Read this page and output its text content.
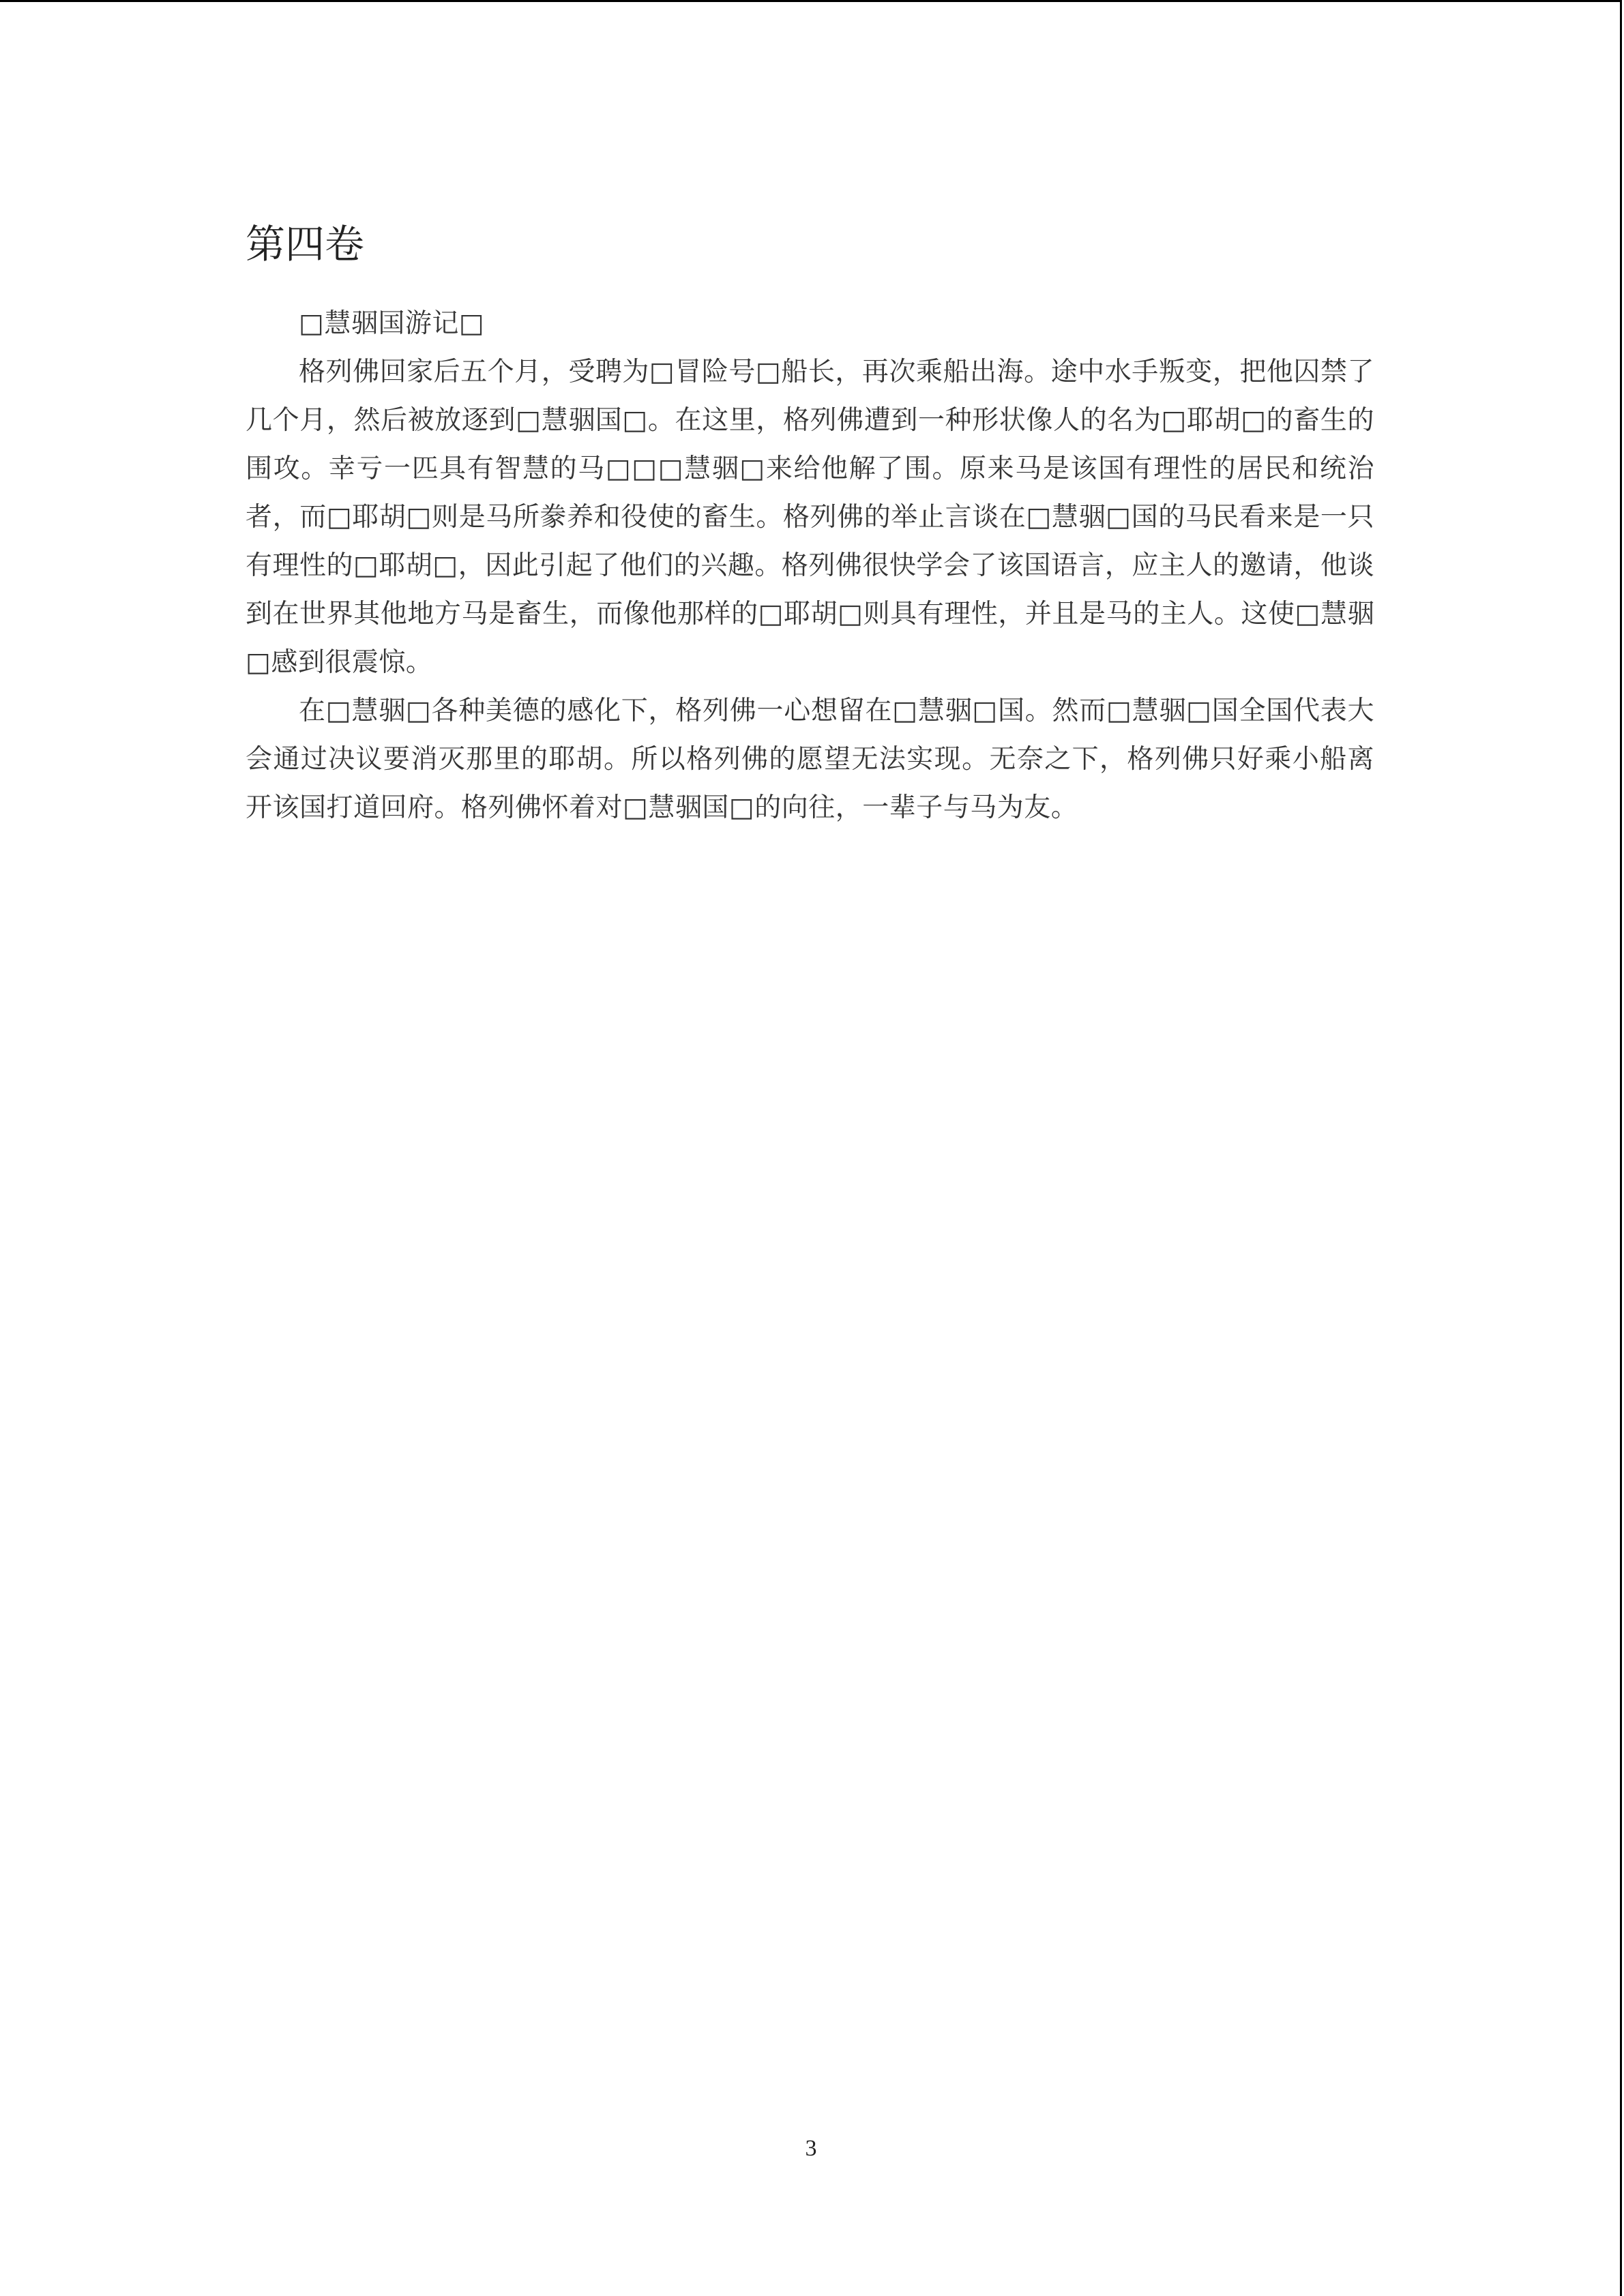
第四卷

□慧骃国游记□

格列佛回家后五个月，受聘为□冒险号□船长，再次乘船出海。途中水手叛变，把他囚禁了几个月，然后被放逐到□慧骃国□。在这里，格列佛遭到一种形状像人的名为□耶胡□的畜生的围攻。幸亏一匹具有智慧的马□□□慧骃□来给他解了围。原来马是该国有理性的居民和统治者，而□耶胡□则是马所豢养和役使的畜生。格列佛的举止言谈在□慧骃□国的马民看来是一只有理性的□耶胡□，因此引起了他们的兴趣。格列佛很快学会了该国语言，应主人的邀请，他谈到在世界其他地方马是畜生，而像他那样的□耶胡□则具有理性，并且是马的主人。这使□慧骃□感到很震惊。

在□慧骃□各种美德的感化下，格列佛一心想留在□慧骃□国。然而□慧骃□国全国代表大会通过决议要消灭那里的耶胡。所以格列佛的愿望无法实现。无奈之下，格列佛只好乘小船离开该国打道回府。格列佛怀着对□慧骃国□的向往，一辈子与马为友。

3
